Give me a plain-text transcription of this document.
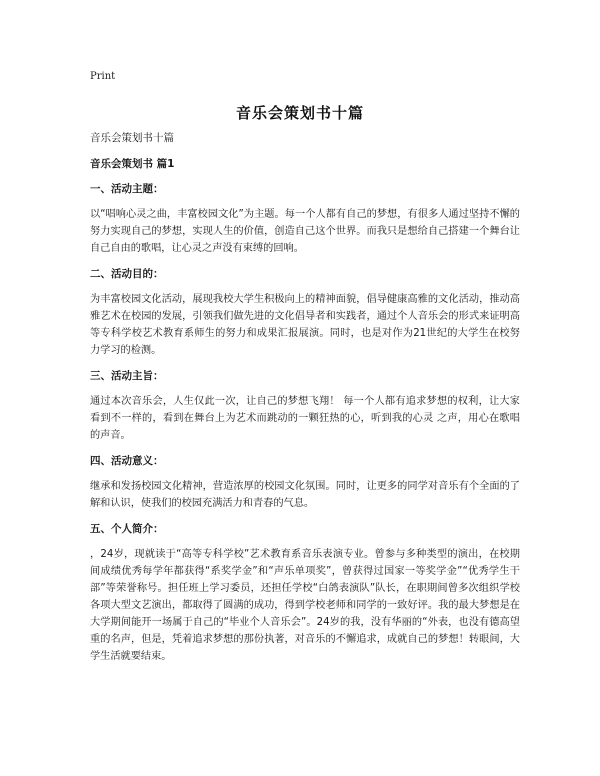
Print
音乐会策划书十篇
音乐会策划书十篇
音乐会策划书 篇1
一、活动主题：
以“唱响心灵之曲，丰富校园文化”为主题。每一个人都有自己的梦想，有很多人通过坚持不懈的努力实现自己的梦想，实现人生的价值，创造自己这个世界。而我只是想给自己搭建一个舞台让自己自由的歌唱，让心灵之声没有束缚的回响。
二、活动目的：
为丰富校园文化活动，展现我校大学生积极向上的精神面貌，倡导健康高雅的文化活动，推动高雅艺术在校园的发展，引领我们做先进的文化倡导者和实践者，通过个人音乐会的形式来证明高等专科学校艺术教育系师生的努力和成果汇报展演。同时，也是对作为21世纪的大学生在校努力学习的检测。
三、活动主旨：
通过本次音乐会，人生仅此一次，让自己的梦想飞翔！ 每一个人都有追求梦想的权利，让大家看到不一样的，看到在舞台上为艺术而跳动的一颗狂热的心，听到我的心灵 之声，用心在歌唱的声音。
四、活动意义：
继承和发扬校园文化精神，营造浓厚的校园文化氛围。同时，让更多的同学对音乐有个全面的了解和认识，使我们的校园充满活力和青春的气息。
五、个人简介：
，24岁，现就读于“高等专科学校”艺术教育系音乐表演专业。曾参与多种类型的演出，在校期间成绩优秀每学年都获得“系奖学金”和“声乐单项奖”，曾获得过国家一等奖学金”“优秀学生干部”等荣誉称号。担任班上学习委员，还担任学校“白鸽表演队”队长，在职期间曾多次组织学校各项大型文艺演出，都取得了圆满的成功，得到学校老师和同学的一致好评。我的最大梦想是在大学期间能开一场属于自己的“毕业个人音乐会”。24岁的我，没有华丽的“外表，也没有德高望重的名声，但是，凭着追求梦想的那份执著，对音乐的不懈追求，成就自己的梦想！转眼间，大学生活就要结束。
